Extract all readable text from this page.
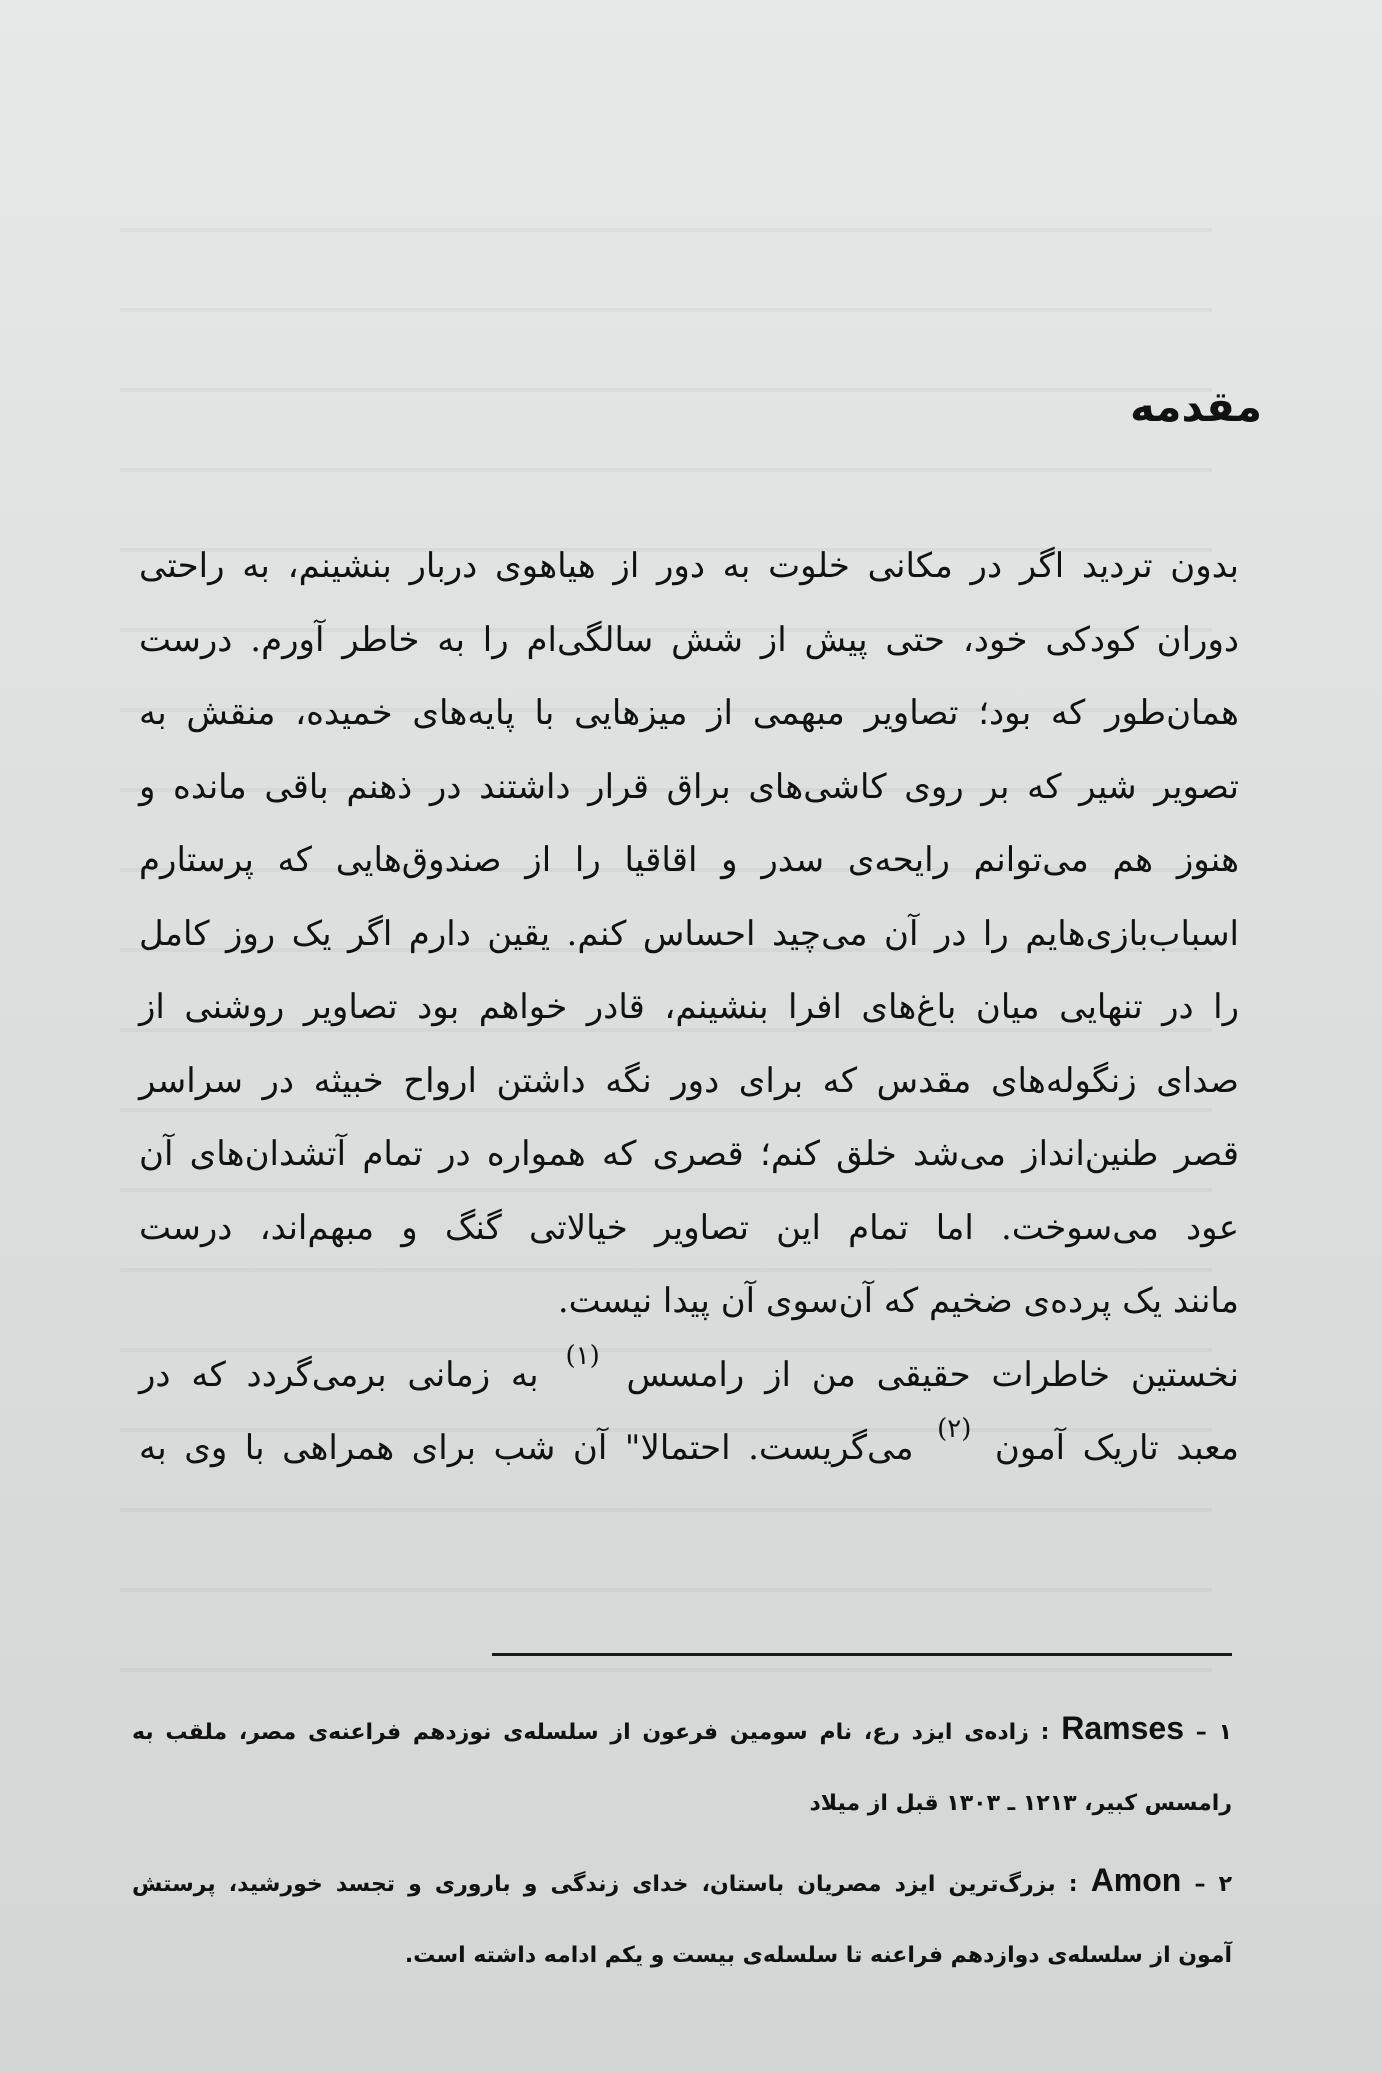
مقدمه
بدون تردید اگر در مکانی خلوت به دور از هیاهوی دربار بنشینم، به راحتی
دوران کودکی خود، حتی پیش از شش سالگی‌ام را به خاطر آورم. درست
همان‌طور که بود؛ تصاویر مبهمی از میزهایی با پایه‌های خمیده، منقش به
تصویر شیر که بر روی کاشی‌های براق قرار داشتند در ذهنم باقی مانده و
هنوز هم می‌توانم رایحه‌ی سدر و اقاقیا را از صندوق‌هایی که پرستارم
اسباب‌بازی‌هایم را در آن می‌چید احساس کنم. یقین دارم اگر یک روز کامل
را در تنهایی میان باغ‌های افرا بنشینم، قادر خواهم بود تصاویر روشنی از
صدای زنگوله‌های مقدس که برای دور نگه داشتن ارواح خبیثه در سراسر
قصر طنین‌انداز می‌شد خلق کنم؛ قصری که همواره در تمام آتشدان‌های آن
عود می‌سوخت. اما تمام این تصاویر خیالاتی گنگ و مبهم‌اند، درست
مانند یک پرده‌ی ضخیم که آن‌سوی آن پیدا نیست.
نخستین خاطرات حقیقی من از رامسس $^{(۱)}$ به زمانی برمی‌گردد که در
معبد تاریک آمون $^{(۲)}$ می‌گریست. احتمالا" آن شب برای همراهی با وی به
۱ – Ramses : زاده‌ی ایزد رع، نام سومین فرعون از سلسله‌ی نوزدهم فراعنه‌ی مصر، ملقب به
رامسس کبیر، ۱۲۱۳ ـ ۱۳۰۳ قبل از میلاد
۲ – Amon : بزرگ‌ترین ایزد مصریان باستان، خدای زندگی و باروری و تجسد خورشید، پرستش
آمون از سلسله‌ی دوازدهم فراعنه تا سلسله‌ی بیست و یکم ادامه داشته است.
